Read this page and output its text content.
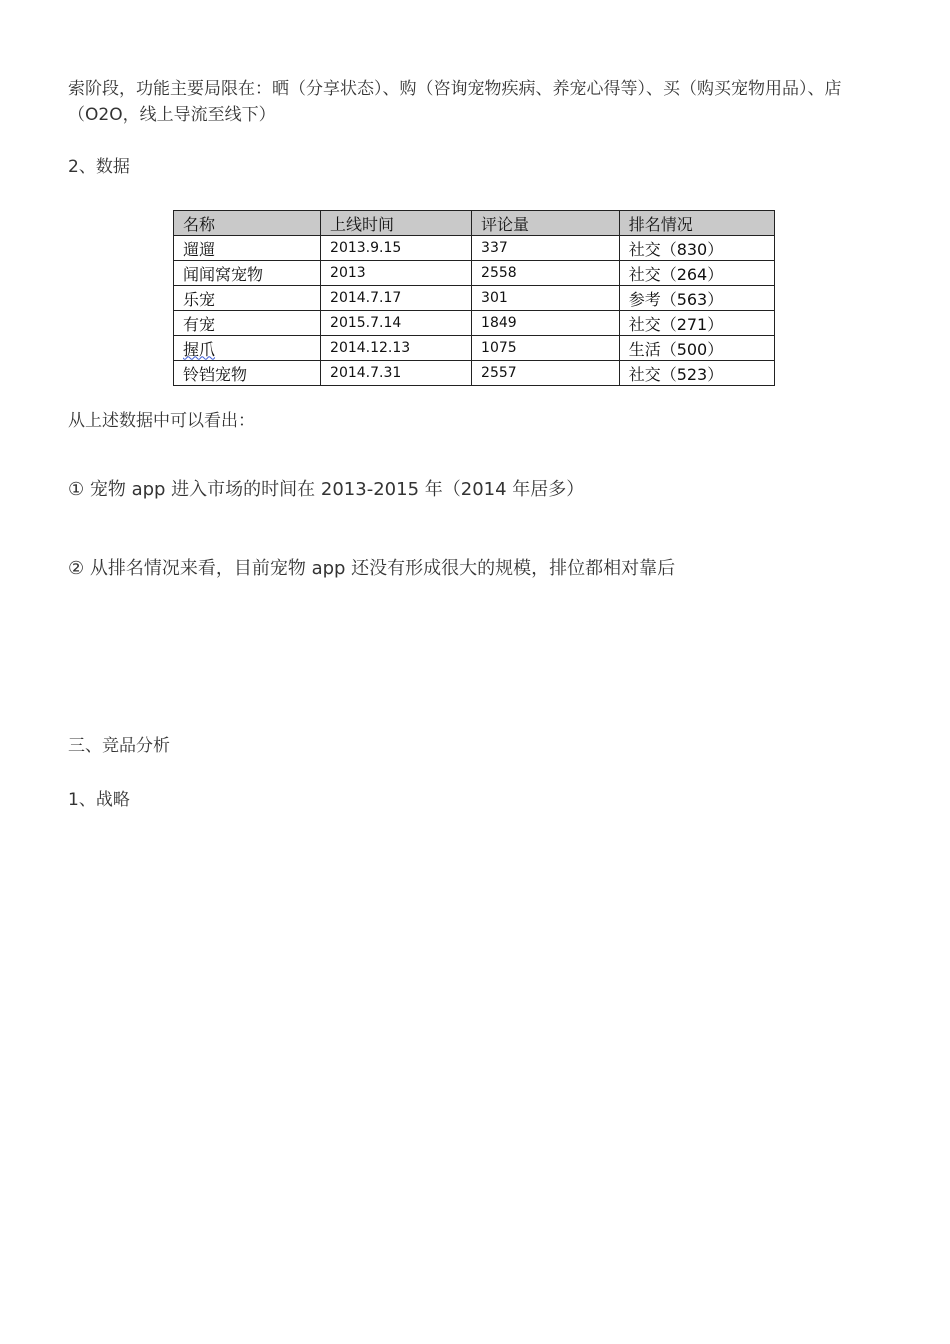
索阶段，功能主要局限在：晒（分享状态）、购（咨询宠物疾病、养宠心得等）、买（购买宠物用品）、店（O2O，线上导流至线下）

2、数据

名称	上线时间	评论量	排名情况
遛遛	2013.9.15	337	社交（830）
闻闻窝宠物	2013	2558	社交（264）
乐宠	2014.7.17	301	参考（563）
有宠	2015.7.14	1849	社交（271）
握爪	2014.12.13	1075	生活（500）
铃铛宠物	2014.7.31	2557	社交（523）

从上述数据中可以看出：

① 宠物 app 进入市场的时间在 2013-2015 年（2014 年居多）

② 从排名情况来看，目前宠物 app 还没有形成很大的规模，排位都相对靠后

三、竞品分析

1、战略
